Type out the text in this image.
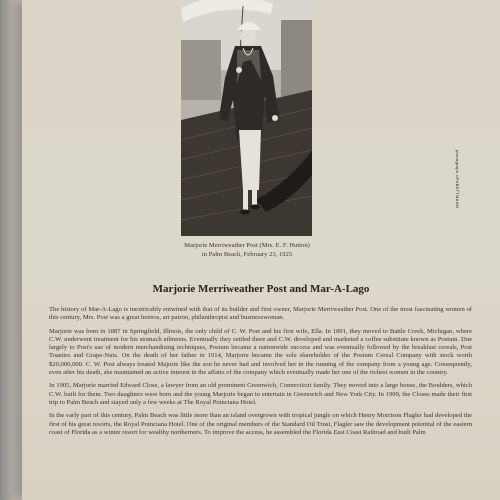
photograph UPI/BETTMANN
Marjorie Merriweather Post (Mrs. E. F. Hutton)
in Palm Beach, February 23, 1925
Marjorie Merriweather Post and Mar-A-Lago

The history of Mar-A-Lago is inextricably entwined with that of its builder and first owner, Marjorie Merriweather Post. One of the most fascinating women of this century, Mrs. Post was a great heiress, art patron, philanthropist and businesswoman.

Marjorie was born in 1887 in Springfield, Illinois, the only child of C. W. Post and his first wife, Ella. In 1891, they moved to Battle Creek, Michigan, where C.W. underwent treatment for his stomach ailments. Eventually they settled there and C.W. developed and marketed a coffee substitute known as Postum. Due largely to Post's use of modern merchandising techniques, Postum became a nationwide success and was eventually followed by the breakfast cereals, Post Toasties and Grape-Nuts. On the death of her father in 1914, Marjorie became the sole shareholder of the Postum Cereal Company with stock worth $20,000,000. C. W. Post always treated Majorie like the son he never had and involved her in the running of the company from a young age. Consequently, even after his death, she maintained an active interest in the affairs of the company which eventually made her one of the richest women in the country.

In 1905, Marjorie married Edward Close, a lawyer from an old prominent Greenwich, Connecticut family. They moved into a large house, the Boulders, which C.W. built for them. Two daughters were born and the young Marjorie began to entertain in Greenwich and New York City. In 1909, the Closes made their first trip to Palm Beach and stayed only a few weeks at The Royal Poinciana Hotel.

In the early part of this century, Palm Beach was little more than an island overgrown with tropical jungle on which Henry Morrison Flagler had developed the first of his great resorts, the Royal Poinciana Hotel. One of the original members of the Standard Oil Trust, Flagler saw the development potential of the eastern coast of Florida as a winter resort for wealthy northerners. To improve the access, he assembled the Florida East Coast Railroad and built Palm
